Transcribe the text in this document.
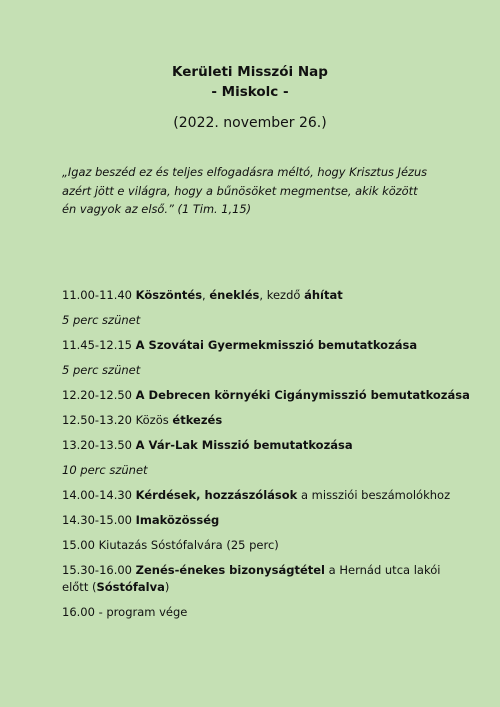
Kerületi Misszói Nap
- Miskolc -
(2022. november 26.)
„Igaz beszéd ez és teljes elfogadásra méltó, hogy Krisztus Jézus azért jött e világra, hogy a bűnösöket megmentse, akik között én vagyok az első.” (1 Tim. 1,15)
11.00-11.40 Köszöntés, éneklés, kezdő áhítat
5 perc szünet
11.45-12.15 A Szovátai Gyermekmisszió bemutatkozása
5 perc szünet
12.20-12.50 A Debrecen környéki Cigánymisszió bemutatkozása
12.50-13.20 Közös étkezés
13.20-13.50 A Vár-Lak Misszió bemutatkozása
10 perc szünet
14.00-14.30 Kérdések, hozzászólások a missziói beszámolókhoz
14.30-15.00 Imaközösség
15.00 Kiutazás Sóstófalvára (25 perc)
15.30-16.00 Zenés-énekes bizonyságtétel a Hernád utca lakói előtt (Sóstófalva)
16.00 - program vége
